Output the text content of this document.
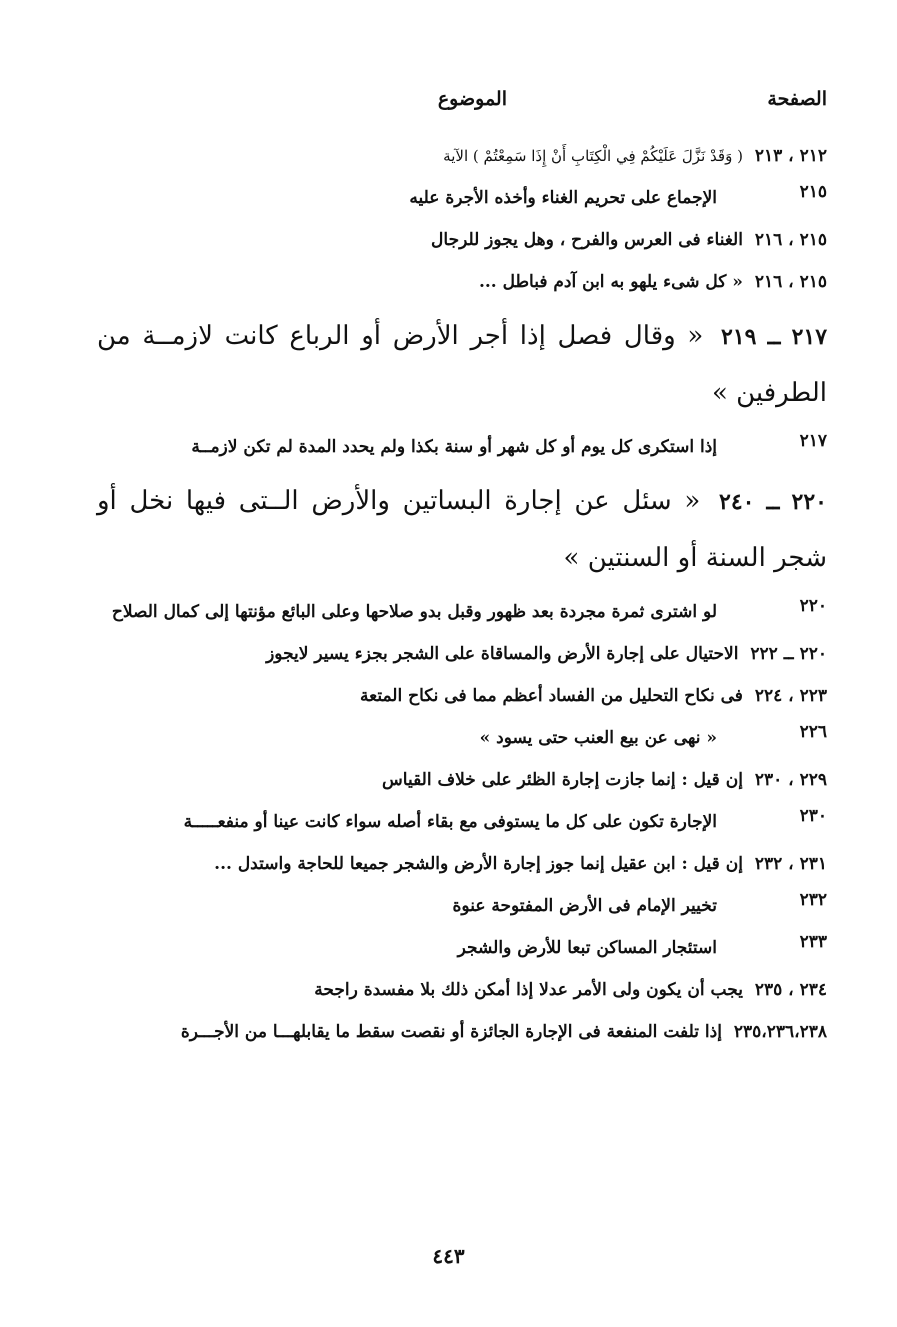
الصفحة
الموضوع
٢١٢ ، ٢١٣ ( وَقَدْ نَزَّلَ عَلَيْكُمْ فِي الْكِتَابِ أَنْ إِذَا سَمِعْتُمْ ) الآية
٢١٥
الإجماع على تحريم الغناء وأخذه الأجرة عليه
٢١٥ ، ٢١٦ الغناء فى العرس والفرح ، وهل يجوز للرجال
٢١٥ ، ٢١٦ « كل شىء يلهو به ابن آدم فباطل ...
٢١٧ ــ ٢١٩ « وقال فصل إذا أجر الأرض أو الرباع كانت لازمــة من الطرفين »
٢١٧
إذا استكرى كل يوم أو كل شهر أو سنة بكذا ولم يحدد المدة لم تكن لازمــة
٢٢٠ ــ ٢٤٠ « سئل عن إجارة البساتين والأرض الــتى فيها نخل أو شجر السنة أو السنتين »
٢٢٠
لو اشترى ثمرة مجردة بعد ظهور وقبل بدو صلاحها وعلى البائع مؤنتها إلى كمال الصلاح
٢٢٠ ــ ٢٢٢ الاحتيال على إجارة الأرض والمساقاة على الشجر بجزء يسير لايجوز
٢٢٣ ، ٢٢٤ فى نكاح التحليل من الفساد أعظم مما فى نكاح المتعة
٢٢٦
« نهى عن بيع العنب حتى يسود »
٢٢٩ ، ٢٣٠ إن قيل : إنما جازت إجارة الظئر على خلاف القياس
٢٣٠
الإجارة تكون على كل ما يستوفى مع بقاء أصله سواء كانت عينا أو منفعـــــة
٢٣١ ، ٢٣٢ إن قيل : ابن عقيل إنما جوز إجارة الأرض والشجر جميعا للحاجة واستدل ...
٢٣٢
تخيير الإمام فى الأرض المفتوحة عنوة
٢٣٣
استئجار المساكن تبعا للأرض والشجر
٢٣٤ ، ٢٣٥ يجب أن يكون ولى الأمر عدلا إذا أمكن ذلك بلا مفسدة راجحة
٢٣٥،٢٣٦،٢٣٨ إذا تلفت المنفعة فى الإجارة الجائزة أو نقصت سقط ما يقابلهـــا من الأجـــرة
٤٤٣
